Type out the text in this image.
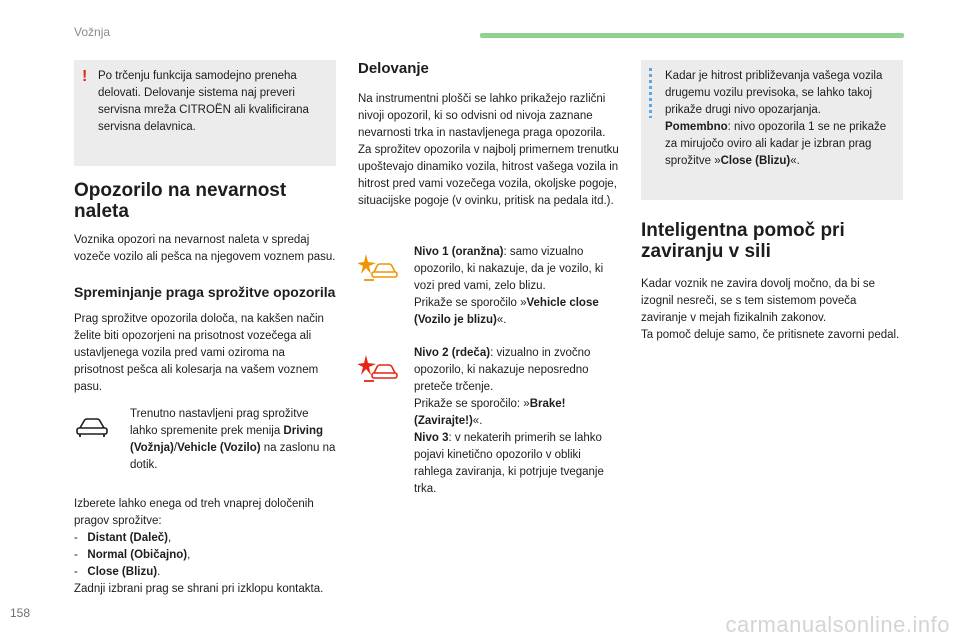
Vožnja
! Po trčenju funkcija samodejno preneha delovati. Delovanje sistema naj preveri servisna mreža CITROËN ali kvalificirana servisna delavnica.
Opozorilo na nevarnost naleta

Voznika opozori na nevarnost naleta v spredaj vozeče vozilo ali pešca na njegovem voznem pasu.

Spreminjanje praga sprožitve opozorila

Prag sprožitve opozorila določa, na kakšen način želite biti opozorjeni na prisotnost vozečega ali ustavljenega vozila pred vami oziroma na prisotnost pešca ali kolesarja na vašem voznem pasu.

Trenutno nastavljeni prag sprožitve lahko spremenite prek menija Driving (Vožnja)/Vehicle (Vozilo) na zaslonu na dotik.

Izberete lahko enega od treh vnaprej določenih pragov sprožitve:
-   Distant (Daleč),
-   Normal (Običajno),
-   Close (Blizu).
Zadnji izbrani prag se shrani pri izklopu kontakta.

Delovanje

Na instrumentni plošči se lahko prikažejo različni nivoji opozoril, ki so odvisni od nivoja zaznane nevarnosti trka in nastavljenega praga opozorila.

Za sprožitev opozorila v najbolj primernem trenutku upoštevajo dinamiko vozila, hitrost vašega vozila in hitrost pred vami vozečega vozila, okoljske pogoje, situacijske pogoje (v ovinku, pritisk na pedala itd.).

Nivo 1 (oranžna): samo vizualno opozorilo, ki nakazuje, da je vozilo, ki vozi pred vami, zelo blizu.
Prikaže se sporočilo »Vehicle close (Vozilo je blizu)«.
Nivo 2 (rdeča): vizualno in zvočno opozorilo, ki nakazuje neposredno preteče trčenje.
Prikaže se sporočilo: »Brake! (Zavirajte!)«.
Nivo 3: v nekaterih primerih se lahko pojavi kinetično opozorilo v obliki rahlega zaviranja, ki potrjuje tveganje trka.
Kadar je hitrost približevanja vašega vozila drugemu vozilu previsoka, se lahko takoj prikaže drugi nivo opozarjanja.
Pomembno: nivo opozorila 1 se ne prikaže za mirujočo oviro ali kadar je izbran prag sprožitve »Close (Blizu)«.
Inteligentna pomoč pri zaviranju v sili

Kadar voznik ne zavira dovolj močno, da bi se izognil nesreči, se s tem sistemom poveča zaviranje v mejah fizikalnih zakonov.

Ta pomoč deluje samo, če pritisnete zavorni pedal.

158	carmanualsonline.info
